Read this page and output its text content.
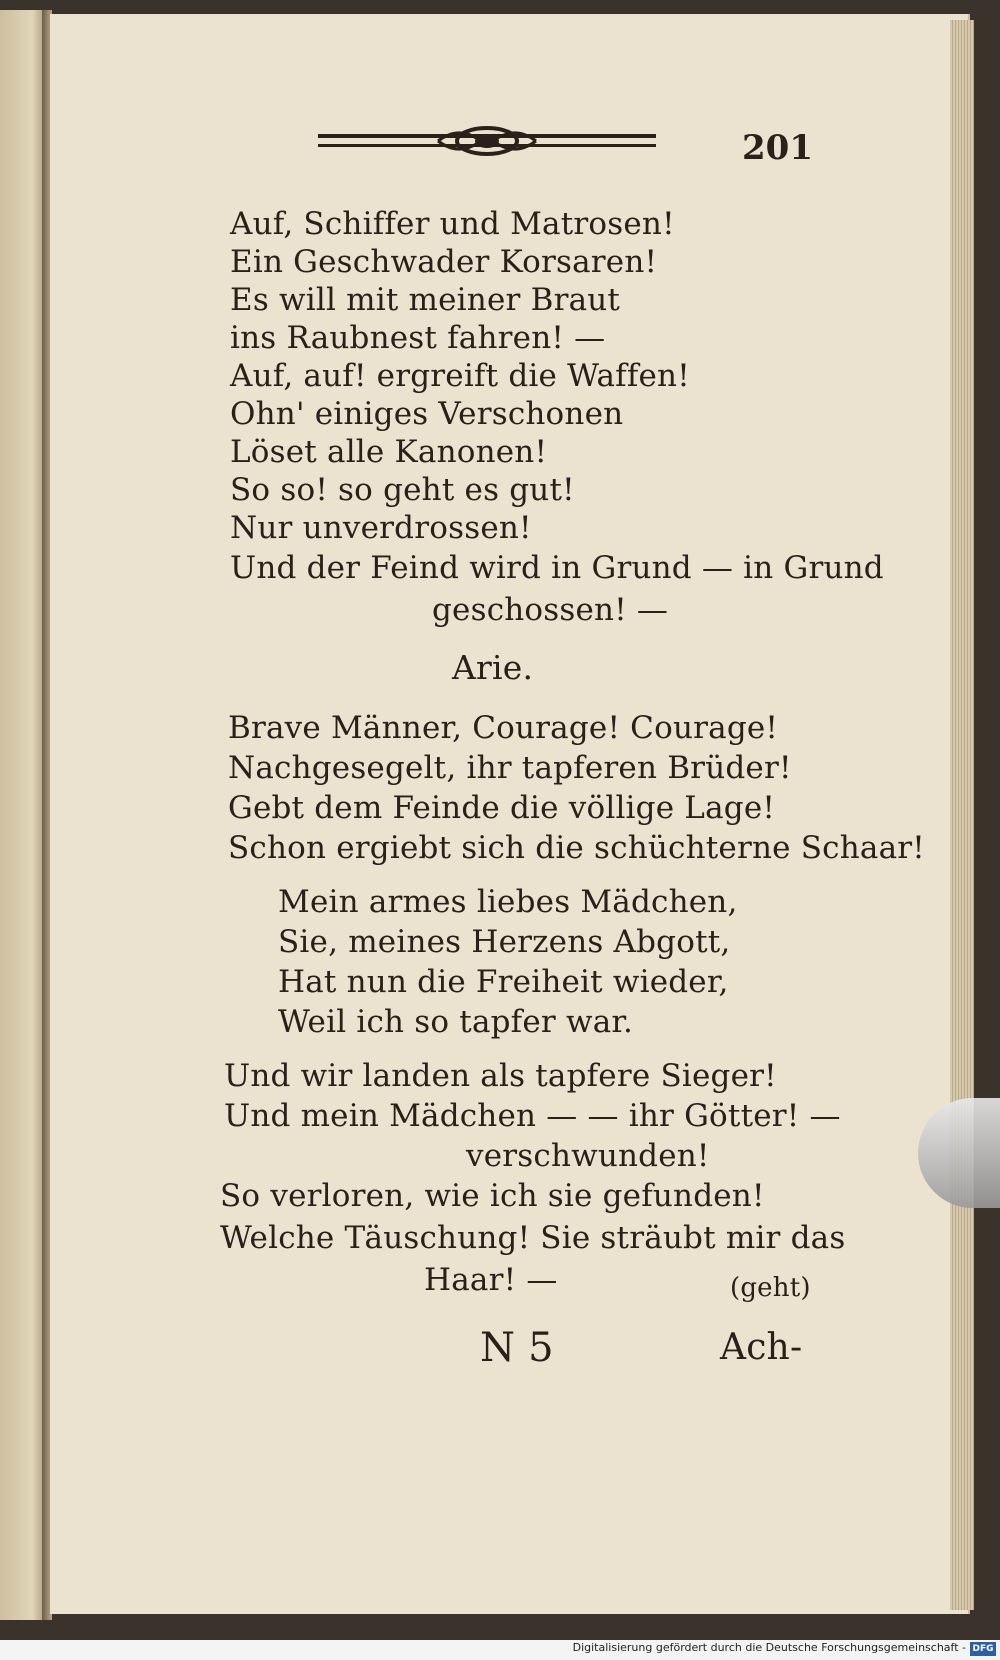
201
Auf, Schiffer und Matrosen!
Ein Geschwader Korsaren!
Es will mit meiner Braut
ins Raubnest fahren! —
Auf, auf! ergreift die Waffen!
Ohn' einiges Verschonen
Löset alle Kanonen!
So so! so geht es gut!
Nur unverdrossen!
Und der Feind wird in Grund — in Grund
geschossen! —
Arie.
Brave Männer, Courage! Courage!
Nachgesegelt, ihr tapferen Brüder!
Gebt dem Feinde die völlige Lage!
Schon ergiebt sich die schüchterne Schaar!
Mein armes liebes Mädchen,
Sie, meines Herzens Abgott,
Hat nun die Freiheit wieder,
Weil ich so tapfer war.
Und wir landen als tapfere Sieger!
Und mein Mädchen — — ihr Götter! —
verschwunden!
So verloren, wie ich sie gefunden!
Welche Täuschung! Sie sträubt mir das
Haar! —	(geht)
N 5	Ach-
Digitalisierung gefördert durch die Deutsche Forschungsgemeinschaft - DFG
